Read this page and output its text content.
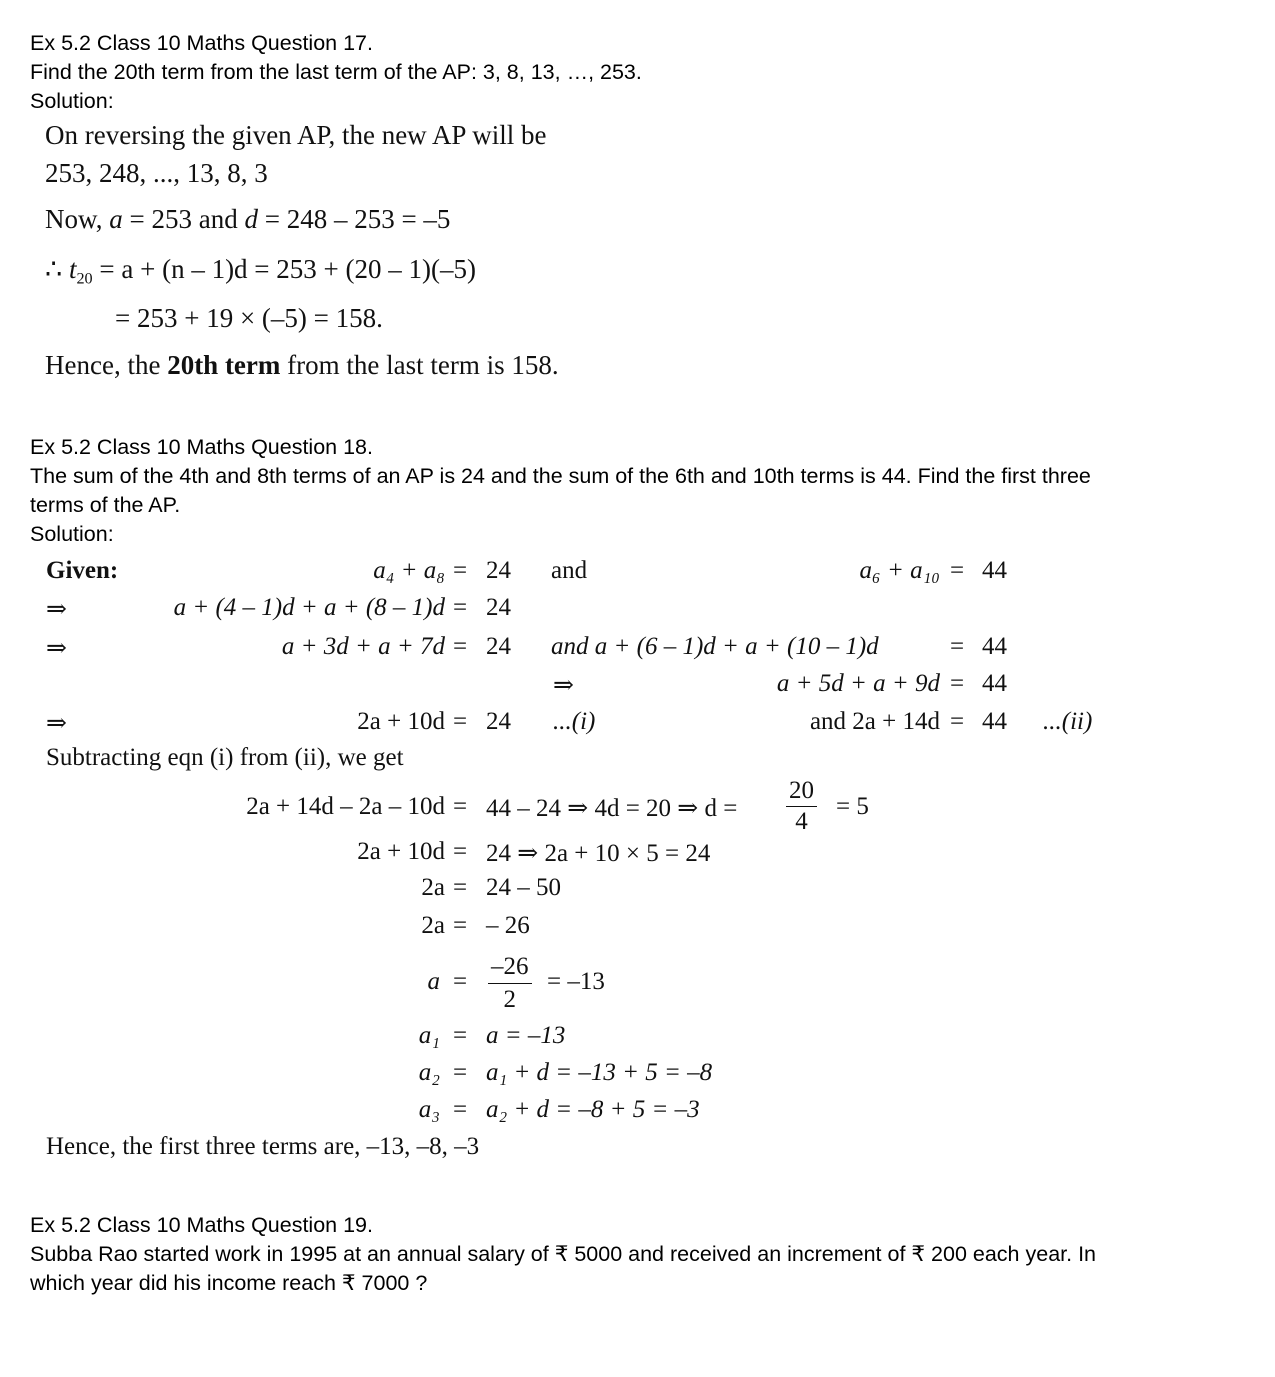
Ex 5.2 Class 10 Maths Question 17.
Find the 20th term from the last term of the AP: 3, 8, 13, …, 253.
Solution:
On reversing the given AP, the new AP will be
253, 248, ..., 13, 8, 3
Now, a = 253 and d = 248 – 253 = –5
∴ $t_{20} = a + (n - 1)d = 253 + (20 - 1)(-5)$
= 253 + 19 × (–5) = 158.
Hence, the 20th term from the last term is 158.
Ex 5.2 Class 10 Maths Question 18.
The sum of the 4th and 8th terms of an AP is 24 and the sum of the 6th and 10th terms is 44. Find the first three
terms of the AP.
Solution:
Given:	a₄ + a₈ = 24 and	a₆ + a₁₀ = 44
⇒	a + (4 – 1)d + a + (8 – 1)d = 24
⇒	a + 3d + a + 7d = 24 and a + (6 – 1)d + a + (10 – 1)d	= 44
⇒	a + 5d + a + 9d = 44
⇒	2a + 10d = 24 ...(i)	and 2a + 14d = 44 ...(ii)
Subtracting eqn (i) from (ii), we get
2a + 14d – 2a – 10d = 44 – 24 ⇒ 4d = 20 ⇒ $d = \frac{20}{4} = 5$
2a + 10d = 24 ⇒ 2a + 10 × 5 = 24
2a = 24 – 50
2a = – 26
$a = \frac{-26}{2} = -13$
a₁ = a = –13
a₂ = a₁ + d = –13 + 5 = –8
a₃ = a₂ + d = –8 + 5 = –3
Hence, the first three terms are, –13, –8, –3
Ex 5.2 Class 10 Maths Question 19.
Subba Rao started work in 1995 at an annual salary of ₹ 5000 and received an increment of ₹ 200 each year. In
which year did his income reach ₹ 7000 ?
